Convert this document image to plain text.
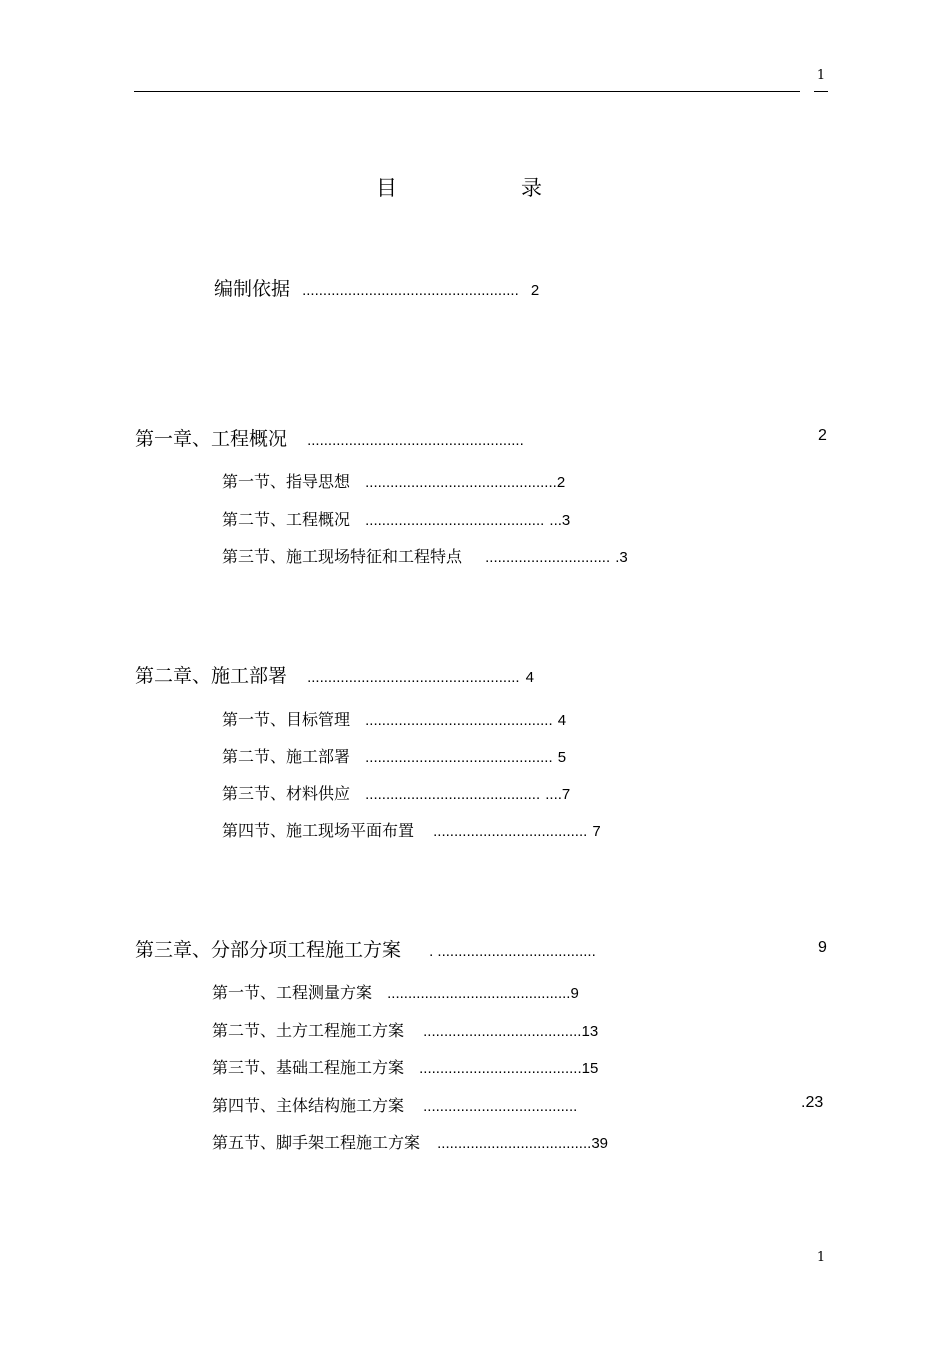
1
目	录
编制依据 .................................................... 2
第一章、工程概况 ....................................................	2
第一节、指导思想 ..............................................2
第二节、工程概况 ........................................... ...3
第三节、施工现场特征和工程特点 .............................. .3
第二章、施工部署 ................................................... 4
第一节、目标管理 ............................................. 4
第二节、施工部署 ............................................. 5
第三节、材料供应 .......................................... ....7
第四节、施工现场平面布置 ..................................... 7
第三章、分部分项工程施工方案 . ......................................	9
第一节、工程测量方案 ............................................9
第二节、土方工程施工方案 ......................................13
第三节、基础工程施工方案 .......................................15
第四节、主体结构施工方案 .....................................	.23
第五节、脚手架工程施工方案 .....................................39
1
